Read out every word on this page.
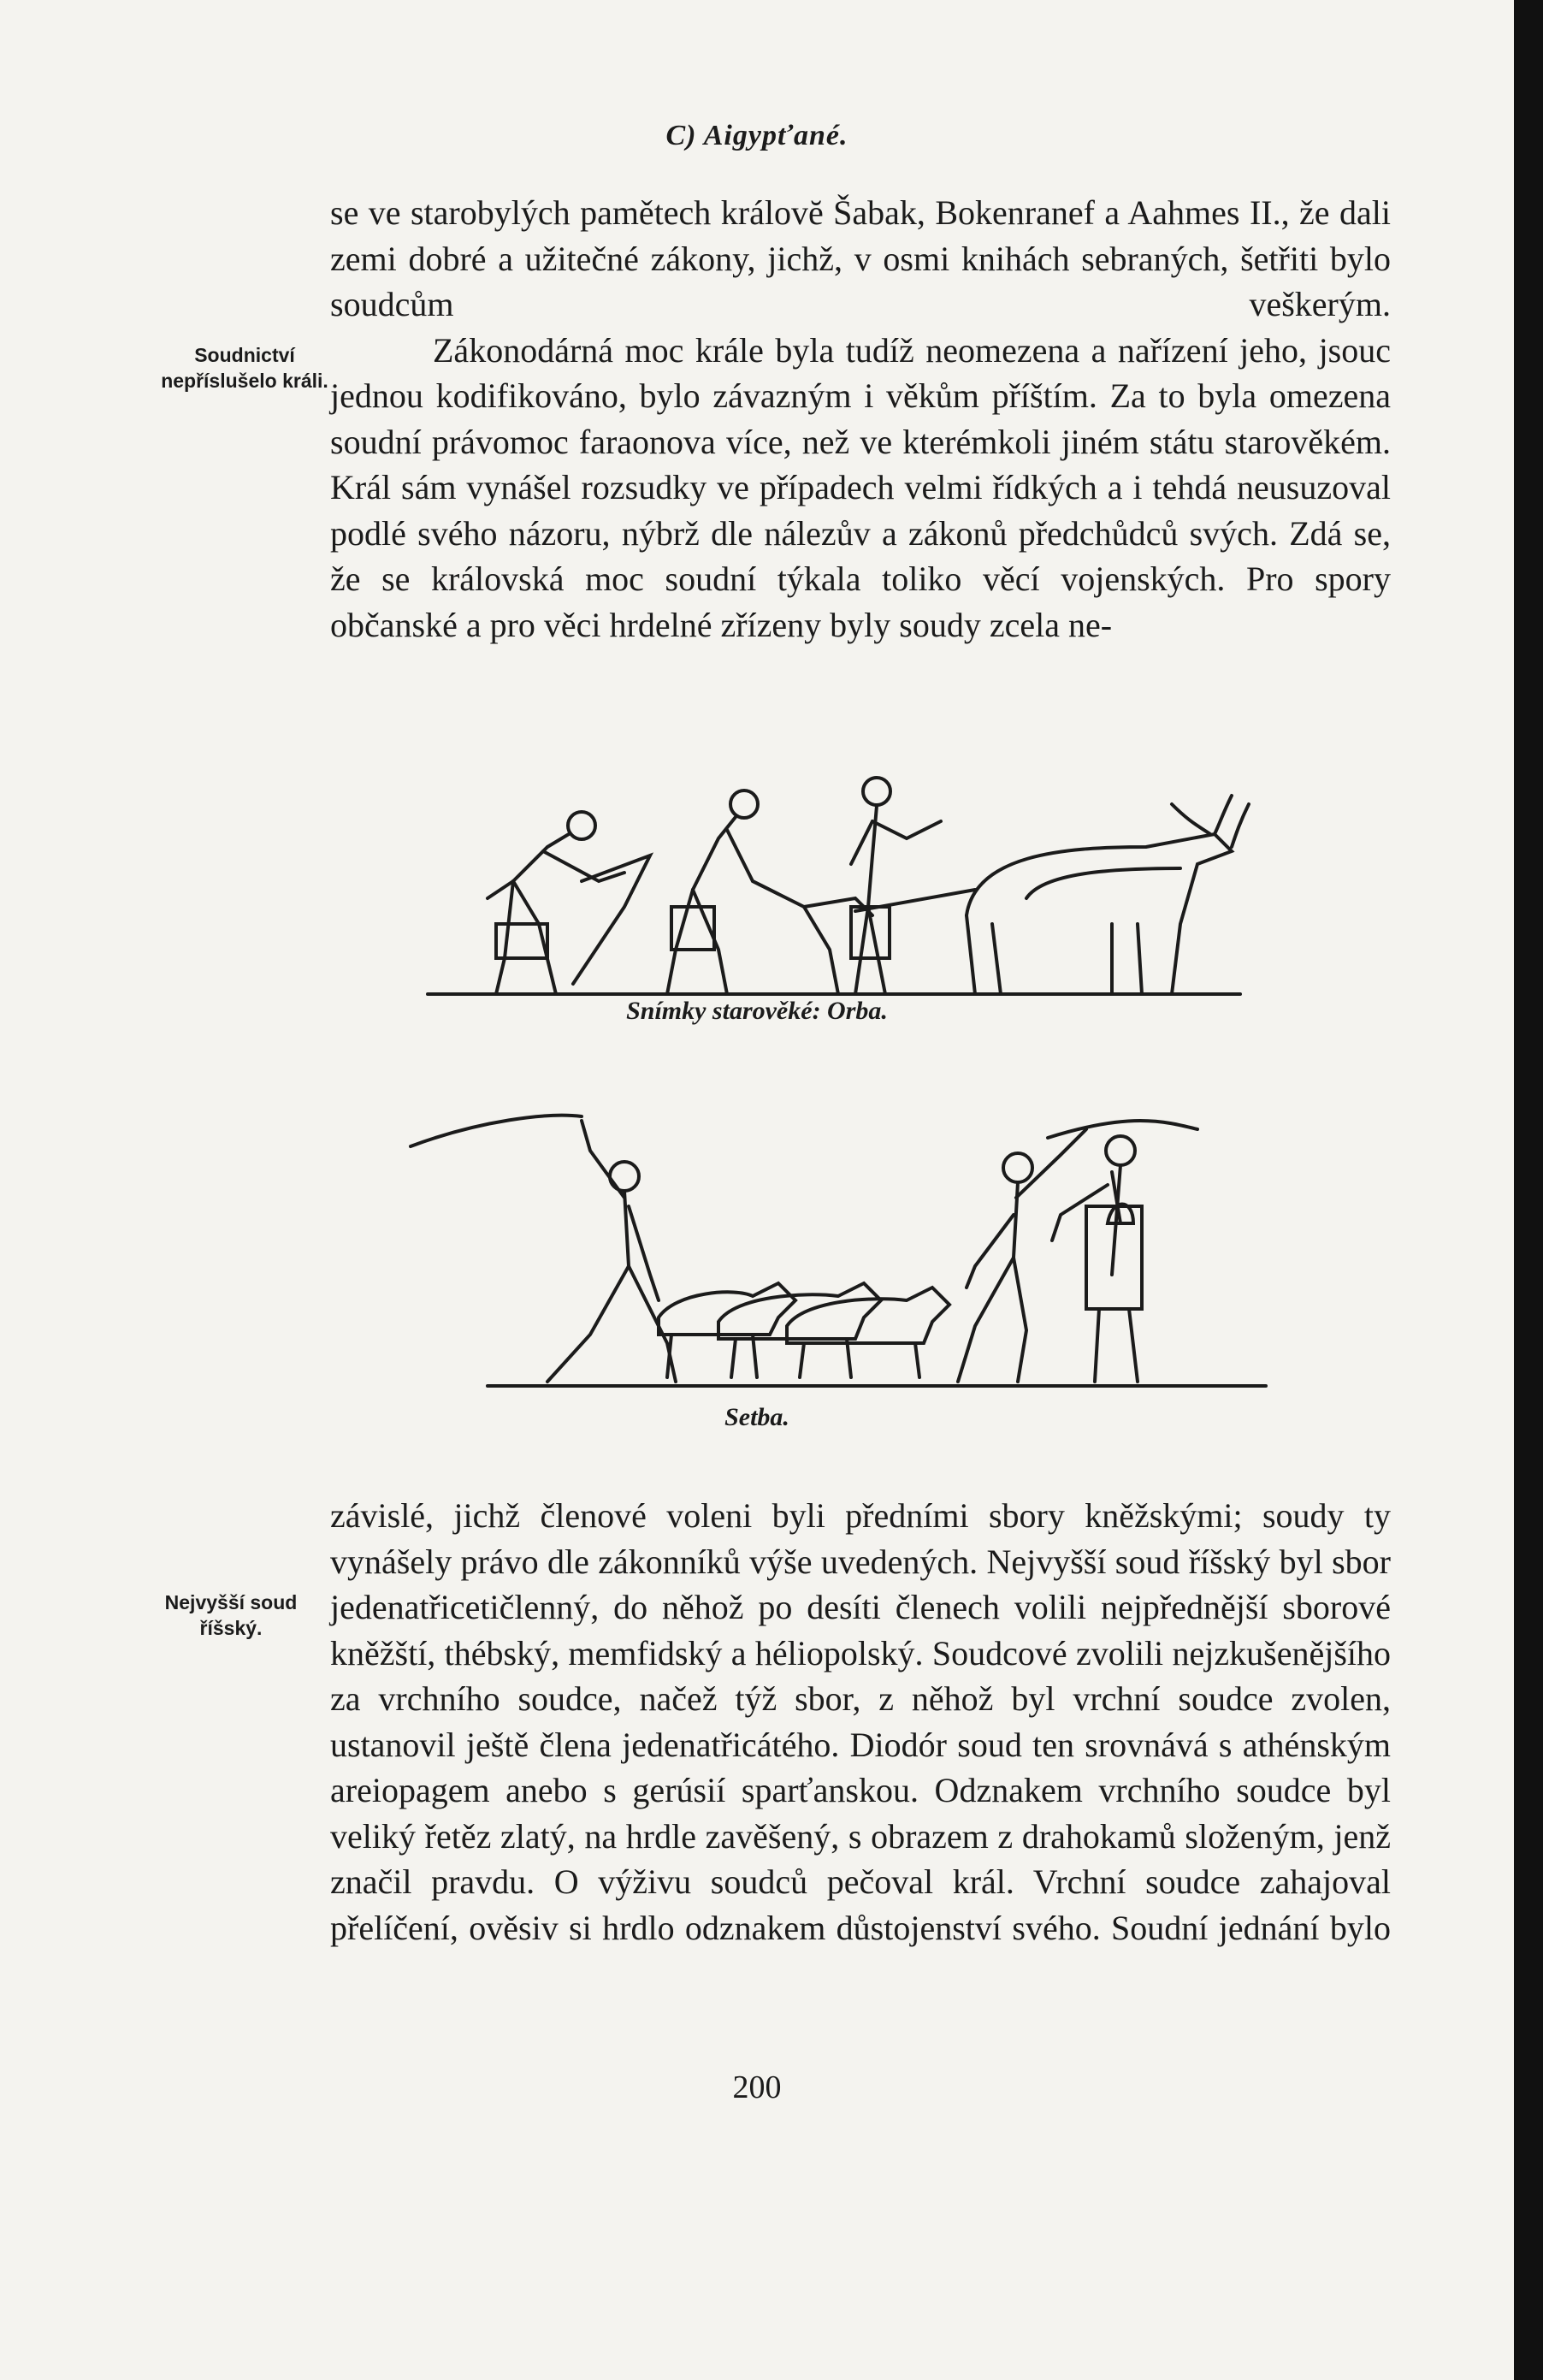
C) Aigypťané.
Soudnictví nepříslušelo králi.

se ve starobylých pamětech královĕ Šabak, Bokenranef a Aahmes II., že dali zemi dobré a užitečné zákony, jichž, v osmi knihách sebraných, šetřiti bylo soudcům veškerým.

Zákonodárná moc krále byla tudíž neomezena a nařízení jeho, jsouc jednou kodifikováno, bylo závazným i věkům příštím. Za to byla omezena soudní právomoc faraonova více, než ve kterémkoli jiném státu starověkém. Král sám vynášel rozsudky ve případech velmi řídkých a i tehdá neusuzoval podlé svého názoru, nýbrž dle nálezův a zákonů předchůdců svých. Zdá se, že se královská moc soudní týkala toliko věcí vojenských. Pro spory občanské a pro věci hrdelné zřízeny byly soudy zcela ne-

Snímky starověké: Orba.
Setba.
Nejvyšší soud říšský.

závislé, jichž členové voleni byli předními sbory kněžskými; soudy ty vynášely právo dle zákonníků výše uvedených. Nejvyšší soud říšský byl sbor jedenatřicetičlenný, do něhož po desíti členech volili nejpřednější sborové kněžští, thébský, memfidský a héliopolský. Soudcové zvolili nejzkušenějšího za vrchního soudce, načež týž sbor, z něhož byl vrchní soudce zvolen, ustanovil ještě člena jedenatřicátého. Diodór soud ten srovnává s athénským areiopagem anebo s gerúsií sparťanskou. Odznakem vrchního soudce byl veliký řetěz zlatý, na hrdle zavěšený, s obrazem z drahokamů složeným, jenž značil pravdu. O výživu soudců pečoval král. Vrchní soudce zahajoval přelíčení, ověsiv si hrdlo odznakem důstojenství svého. Soudní jednání bylo

200
